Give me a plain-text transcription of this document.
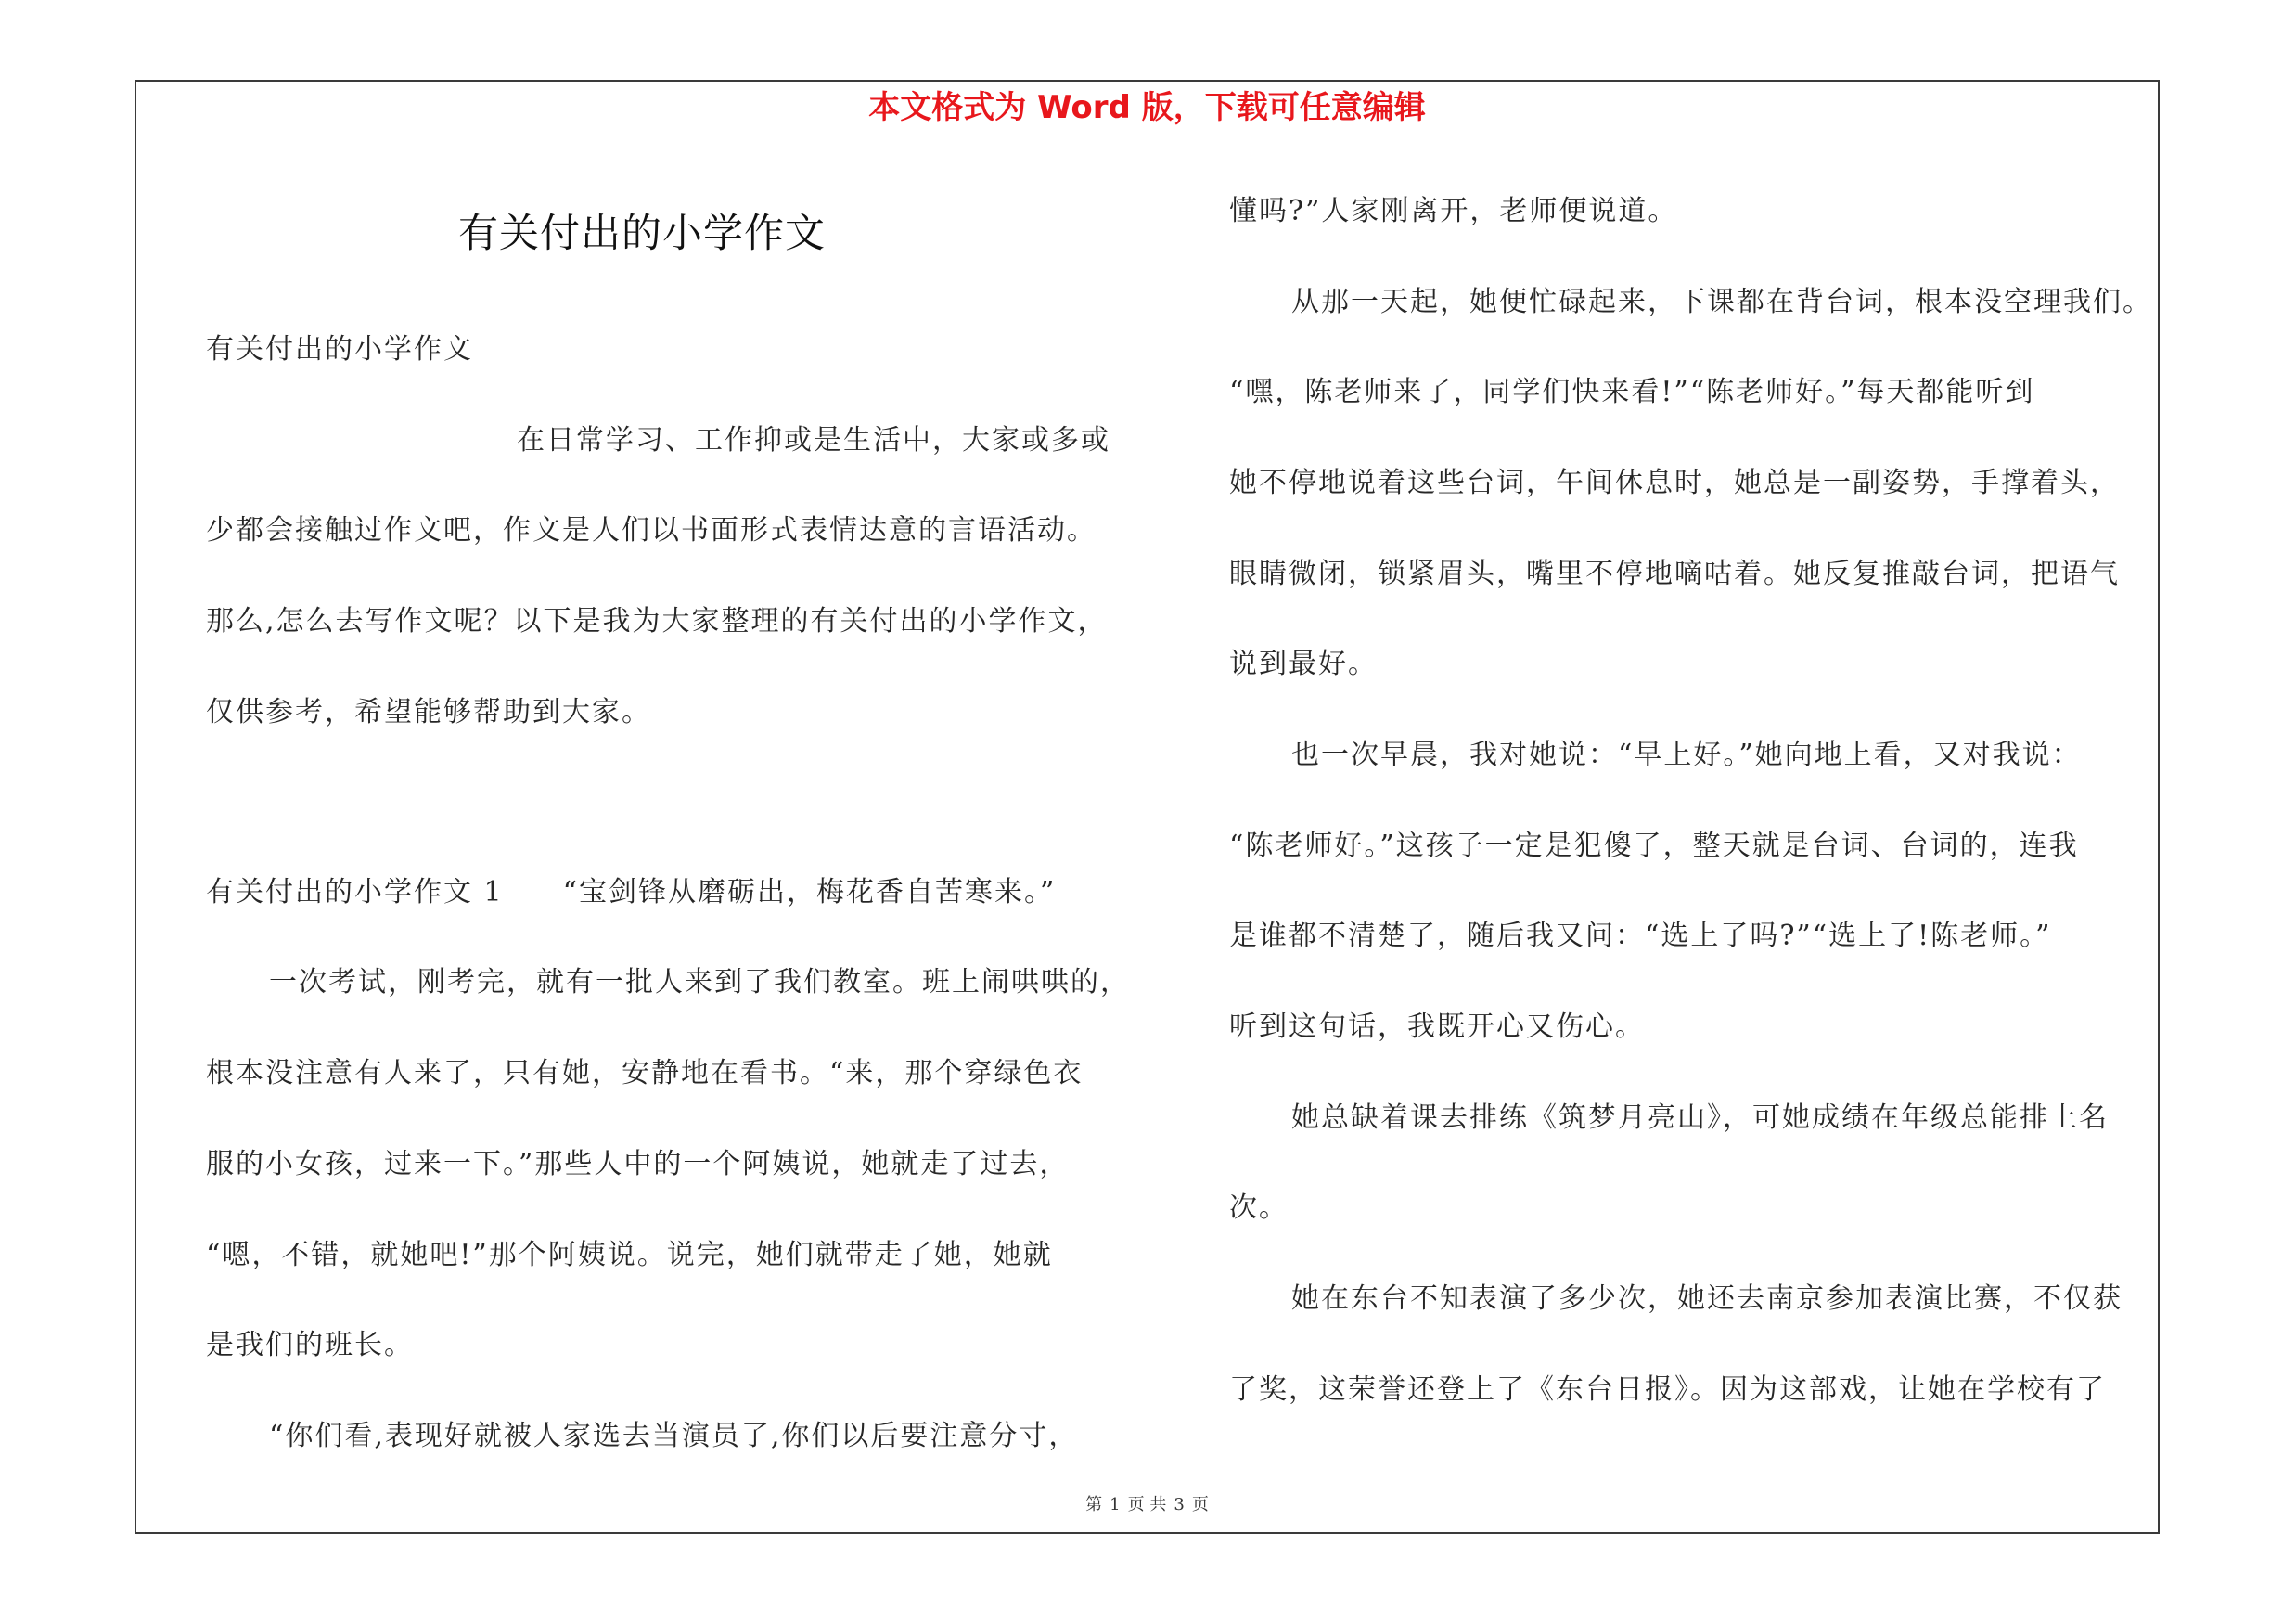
本文格式为 Word 版，下载可任意编辑
有关付出的小学作文
有关付出的小学作文
在日常学习、工作抑或是生活中，大家或多或
少都会接触过作文吧，作文是人们以书面形式表情达意的言语活动。
那么,怎么去写作文呢？以下是我为大家整理的有关付出的小学作文，
仅供参考，希望能够帮助到大家。
有关付出的小学作文 1　　“宝剑锋从磨砺出，梅花香自苦寒来。”
一次考试，刚考完，就有一批人来到了我们教室。班上闹哄哄的，
根本没注意有人来了，只有她，安静地在看书。“来，那个穿绿色衣
服的小女孩，过来一下。”那些人中的一个阿姨说，她就走了过去，
“嗯，不错，就她吧!”那个阿姨说。说完，她们就带走了她，她就
是我们的班长。
“你们看,表现好就被人家选去当演员了,你们以后要注意分寸，
懂吗?”人家刚离开，老师便说道。
从那一天起，她便忙碌起来，下课都在背台词，根本没空理我们。
“嘿，陈老师来了，同学们快来看!”“陈老师好。”每天都能听到
她不停地说着这些台词，午间休息时，她总是一副姿势，手撑着头，
眼睛微闭，锁紧眉头，嘴里不停地嘀咕着。她反复推敲台词，把语气
说到最好。
也一次早晨，我对她说：“早上好。”她向地上看，又对我说：
“陈老师好。”这孩子一定是犯傻了，整天就是台词、台词的，连我
是谁都不清楚了，随后我又问：“选上了吗?”“选上了!陈老师。”
听到这句话，我既开心又伤心。
她总缺着课去排练《筑梦月亮山》，可她成绩在年级总能排上名
次。
她在东台不知表演了多少次，她还去南京参加表演比赛，不仅获
了奖，这荣誉还登上了《东台日报》。因为这部戏，让她在学校有了
第 1 页 共 3 页
